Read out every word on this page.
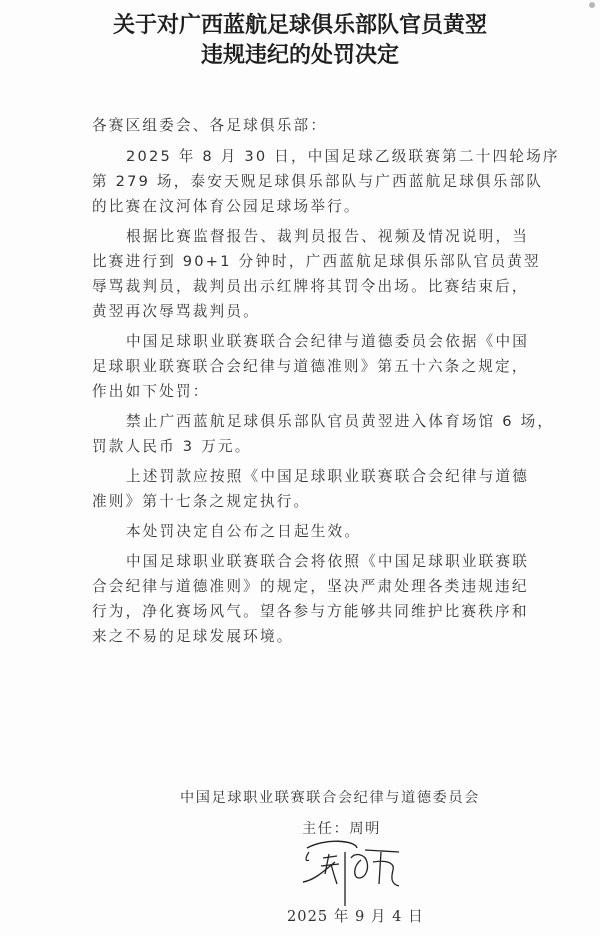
关于对广西蓝航足球俱乐部队官员黄翌
违规违纪的处罚决定
各赛区组委会、各足球俱乐部：
2025 年 8 月 30 日，中国足球乙级联赛第二十四轮场序
第 279 场，泰安天贶足球俱乐部队与广西蓝航足球俱乐部队
的比赛在汶河体育公园足球场举行。
根据比赛监督报告、裁判员报告、视频及情况说明，当
比赛进行到 90+1 分钟时，广西蓝航足球俱乐部队官员黄翌
辱骂裁判员，裁判员出示红牌将其罚令出场。比赛结束后，
黄翌再次辱骂裁判员。
中国足球职业联赛联合会纪律与道德委员会依据《中国
足球职业联赛联合会纪律与道德准则》第五十六条之规定，
作出如下处罚：
禁止广西蓝航足球俱乐部队官员黄翌进入体育场馆 6 场，
罚款人民币 3 万元。
上述罚款应按照《中国足球职业联赛联合会纪律与道德
准则》第十七条之规定执行。
本处罚决定自公布之日起生效。
中国足球职业联赛联合会将依照《中国足球职业联赛联
合会纪律与道德准则》的规定，坚决严肃处理各类违规违纪
行为，净化赛场风气。望各参与方能够共同维护比赛秩序和
来之不易的足球发展环境。
中国足球职业联赛联合会纪律与道德委员会
主任：周明
2025 年 9 月 4 日
